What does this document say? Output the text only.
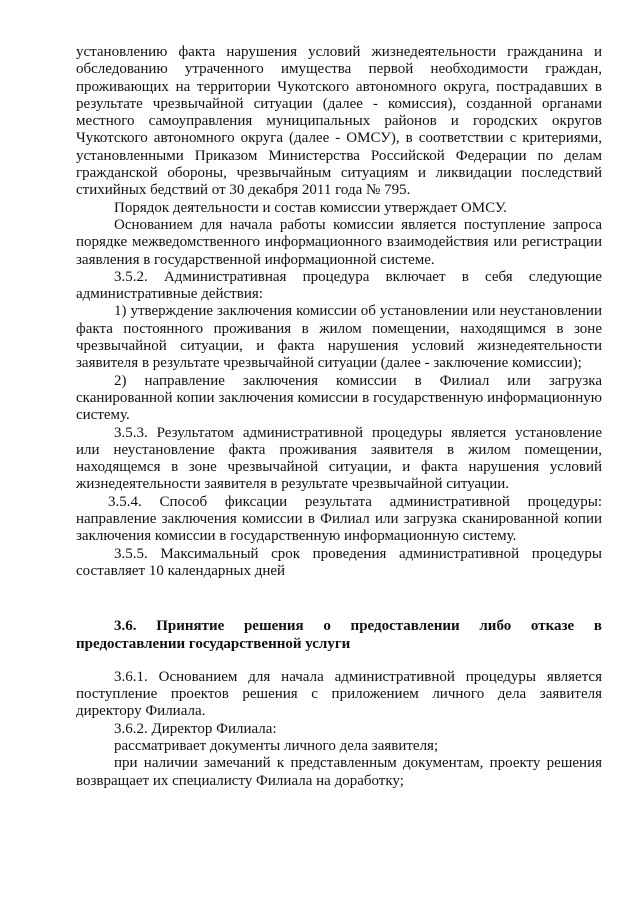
установлению факта нарушения условий жизнедеятельности гражданина и обследованию утраченного имущества первой необходимости граждан, проживающих на территории Чукотского автономного округа, пострадавших в результате чрезвычайной ситуации (далее - комиссия), созданной органами местного самоуправления муниципальных районов и городских округов Чукотского автономного округа (далее - ОМСУ), в соответствии с критериями, установленными Приказом Министерства Российской Федерации по делам гражданской обороны, чрезвычайным ситуациям и ликвидации последствий стихийных бедствий от 30 декабря 2011 года № 795.

Порядок деятельности и состав комиссии утверждает ОМСУ.

Основанием для начала работы комиссии является поступление запроса порядке межведомственного информационного взаимодействия или регистрации заявления в государственной информационной системе.

3.5.2. Административная процедура включает в себя следующие административные действия:

1) утверждение заключения комиссии об установлении или неустановлении факта постоянного проживания в жилом помещении, находящимся в зоне чрезвычайной ситуации, и факта нарушения условий жизнедеятельности заявителя в результате чрезвычайной ситуации (далее - заключение комиссии);

2) направление заключения комиссии в Филиал или загрузка сканированной копии заключения комиссии в государственную информационную систему.

3.5.3. Результатом административной процедуры является установление или неустановление факта проживания заявителя в жилом помещении, находящемся в зоне чрезвычайной ситуации, и факта нарушения условий жизнедеятельности заявителя в результате чрезвычайной ситуации.

3.5.4. Способ фиксации результата административной процедуры: направление заключения комиссии в Филиал или загрузка сканированной копии заключения комиссии в государственную информационную систему.

3.5.5. Максимальный срок проведения административной процедуры составляет 10 календарных дней

3.6. Принятие решения о предоставлении либо отказе в предоставлении государственной услуги

3.6.1. Основанием для начала административной процедуры является поступление проектов решения с приложением личного дела заявителя директору Филиала.

3.6.2. Директор Филиала:

рассматривает документы личного дела заявителя;

при наличии замечаний к представленным документам, проекту решения возвращает их специалисту Филиала на доработку;
